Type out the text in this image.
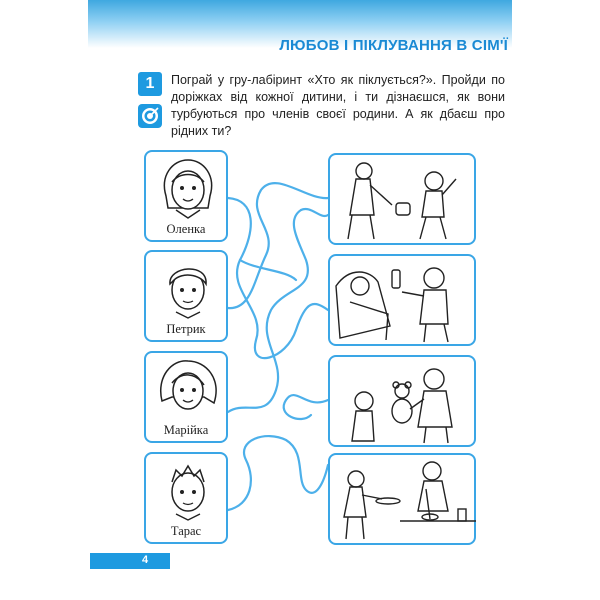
ЛЮБОВ І ПІКЛУВАННЯ В СІМ'Ї
1	Пограй у гру-лабіринт «Хто як піклується?». Пройди по доріжках від кожної дитини, і ти дізнаєшся, як вони турбуються про членів своєї родини. А як дбаєш про рідних ти?
Оленка
Петрик
Марійка
Тарас
4
